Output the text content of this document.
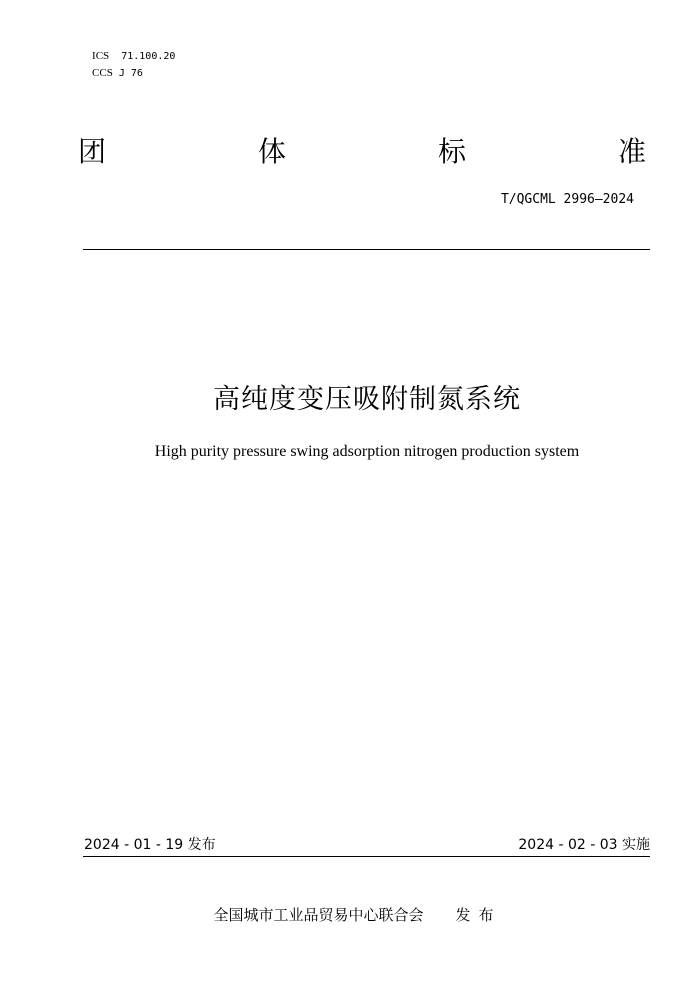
ICS 71.100.20

CCS J 76

团	体	标	准
T/QGCML 2996—2024
高纯度变压吸附制氮系统
High purity pressure swing adsorption nitrogen production system
2024 - 01 - 19 发布	2024 - 02 - 03 实施
全国城市工业品贸易中心联合会 发布
